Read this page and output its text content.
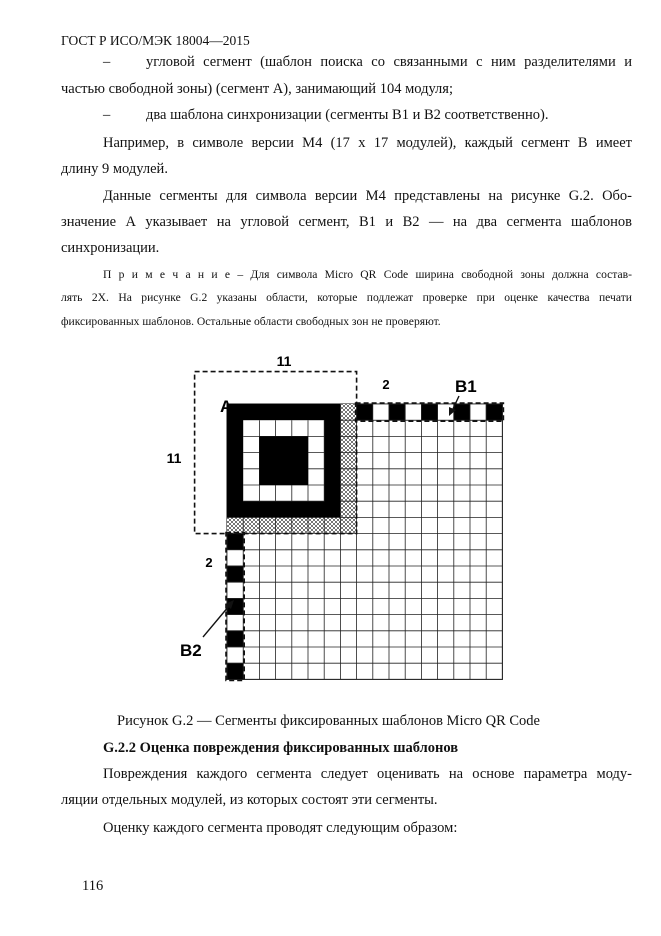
ГОСТ Р ИСО/МЭК 18004—2015
– угловой сегмент (шаблон поиска со связанными с ним разделителями и
частью свободной зоны) (сегмент А), занимающий 104 модуля;
– два шаблона синхронизации (сегменты B1 и B2 соответственно).
Например, в символе версии М4 (17 x 17 модулей), каждый сегмент В имеет
длину 9 модулей.
Данные сегменты для символа версии М4 представлены на рисунке G.2. Обо-
значение А указывает на угловой сегмент, В1 и В2 — на два сегмента шаблонов
синхронизации.
П р и м е ч а н и е – Для символа Micro QR Code ширина свободной зоны должна состав-
лять 2X. На рисунке G.2 указаны области, которые подлежат проверке при оценке качества печати
фиксированных шаблонов. Остальные области свободных зон не проверяют.
11
11
2
2
A
B1
B2
Рисунок G.2 — Сегменты фиксированных шаблонов Micro QR Code
G.2.2 Оценка повреждения фиксированных шаблонов
Повреждения каждого сегмента следует оценивать на основе параметра моду-
ляции отдельных модулей, из которых состоят эти сегменты.
Оценку каждого сегмента проводят следующим образом:
116
